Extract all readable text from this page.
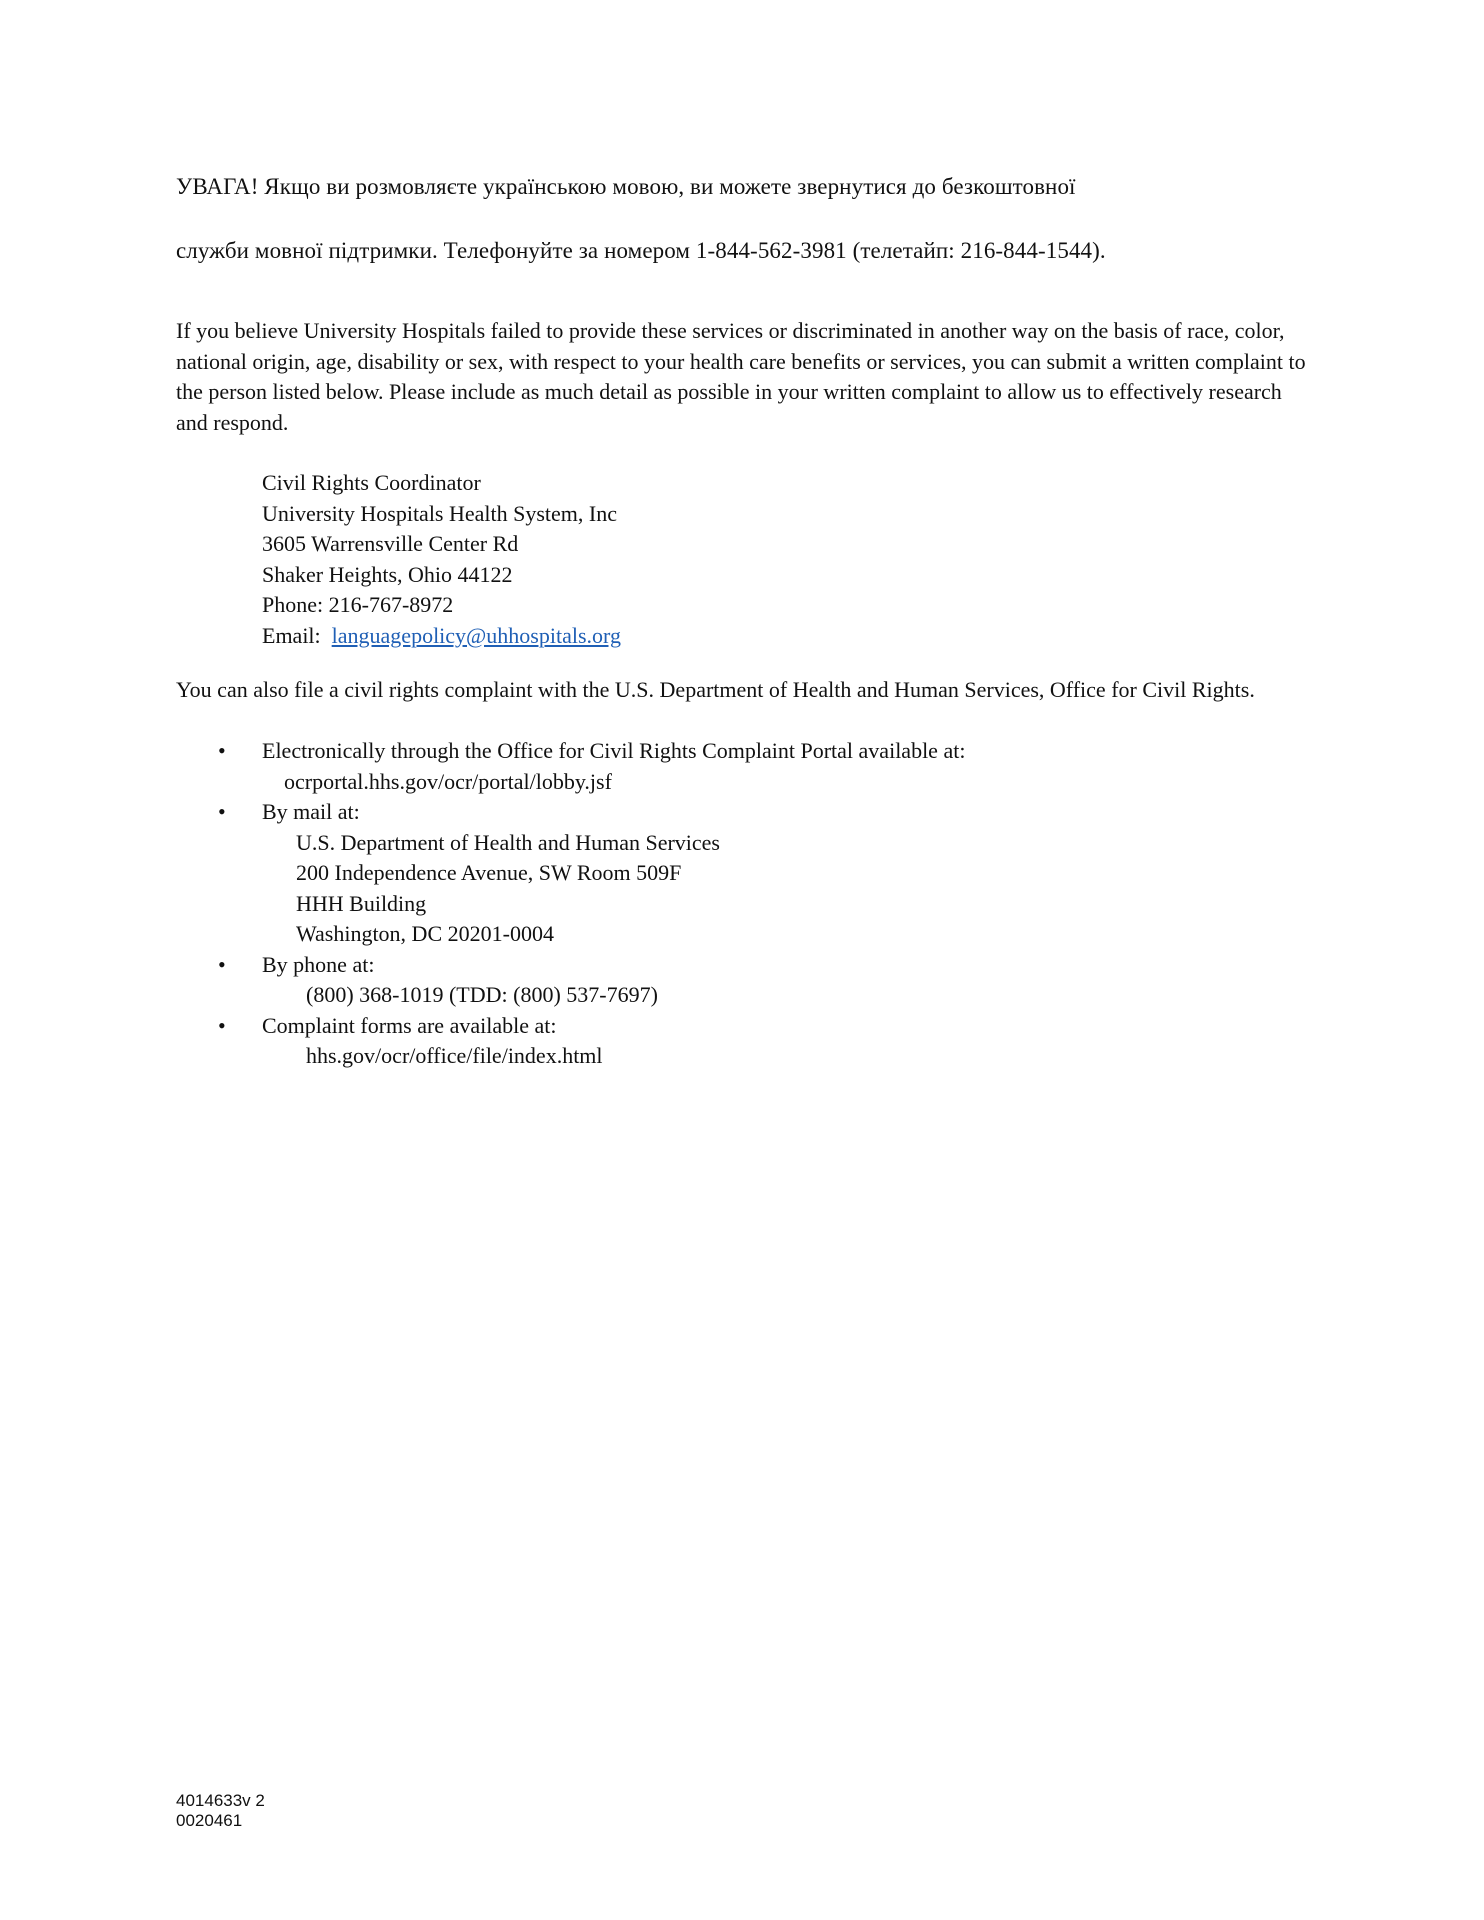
УВАГА! Якщо ви розмовляєте українською мовою, ви можете звернутися до безкоштовної
служби мовної підтримки. Телефонуйте за номером 1-844-562-3981 (телетайп: 216-844-1544).
If you believe University Hospitals failed to provide these services or discriminated in another way on the basis of race, color, national origin, age, disability or sex, with respect to your health care benefits or services, you can submit a written complaint to the person listed below. Please include as much detail as possible in your written complaint to allow us to effectively research and respond.
Civil Rights Coordinator
University Hospitals Health System, Inc
3605 Warrensville Center Rd
Shaker Heights, Ohio 44122
Phone: 216-767-8972
Email: languagepolicy@uhhospitals.org
You can also file a civil rights complaint with the U.S. Department of Health and Human Services, Office for Civil Rights.
• Electronically through the Office for Civil Rights Complaint Portal available at:
ocrportal.hhs.gov/ocr/portal/lobby.jsf
• By mail at:
U.S. Department of Health and Human Services
200 Independence Avenue, SW Room 509F
HHH Building
Washington, DC 20201-0004
• By phone at:
(800) 368-1019 (TDD: (800) 537-7697)
• Complaint forms are available at:
hhs.gov/ocr/office/file/index.html
4014633v 2
0020461
